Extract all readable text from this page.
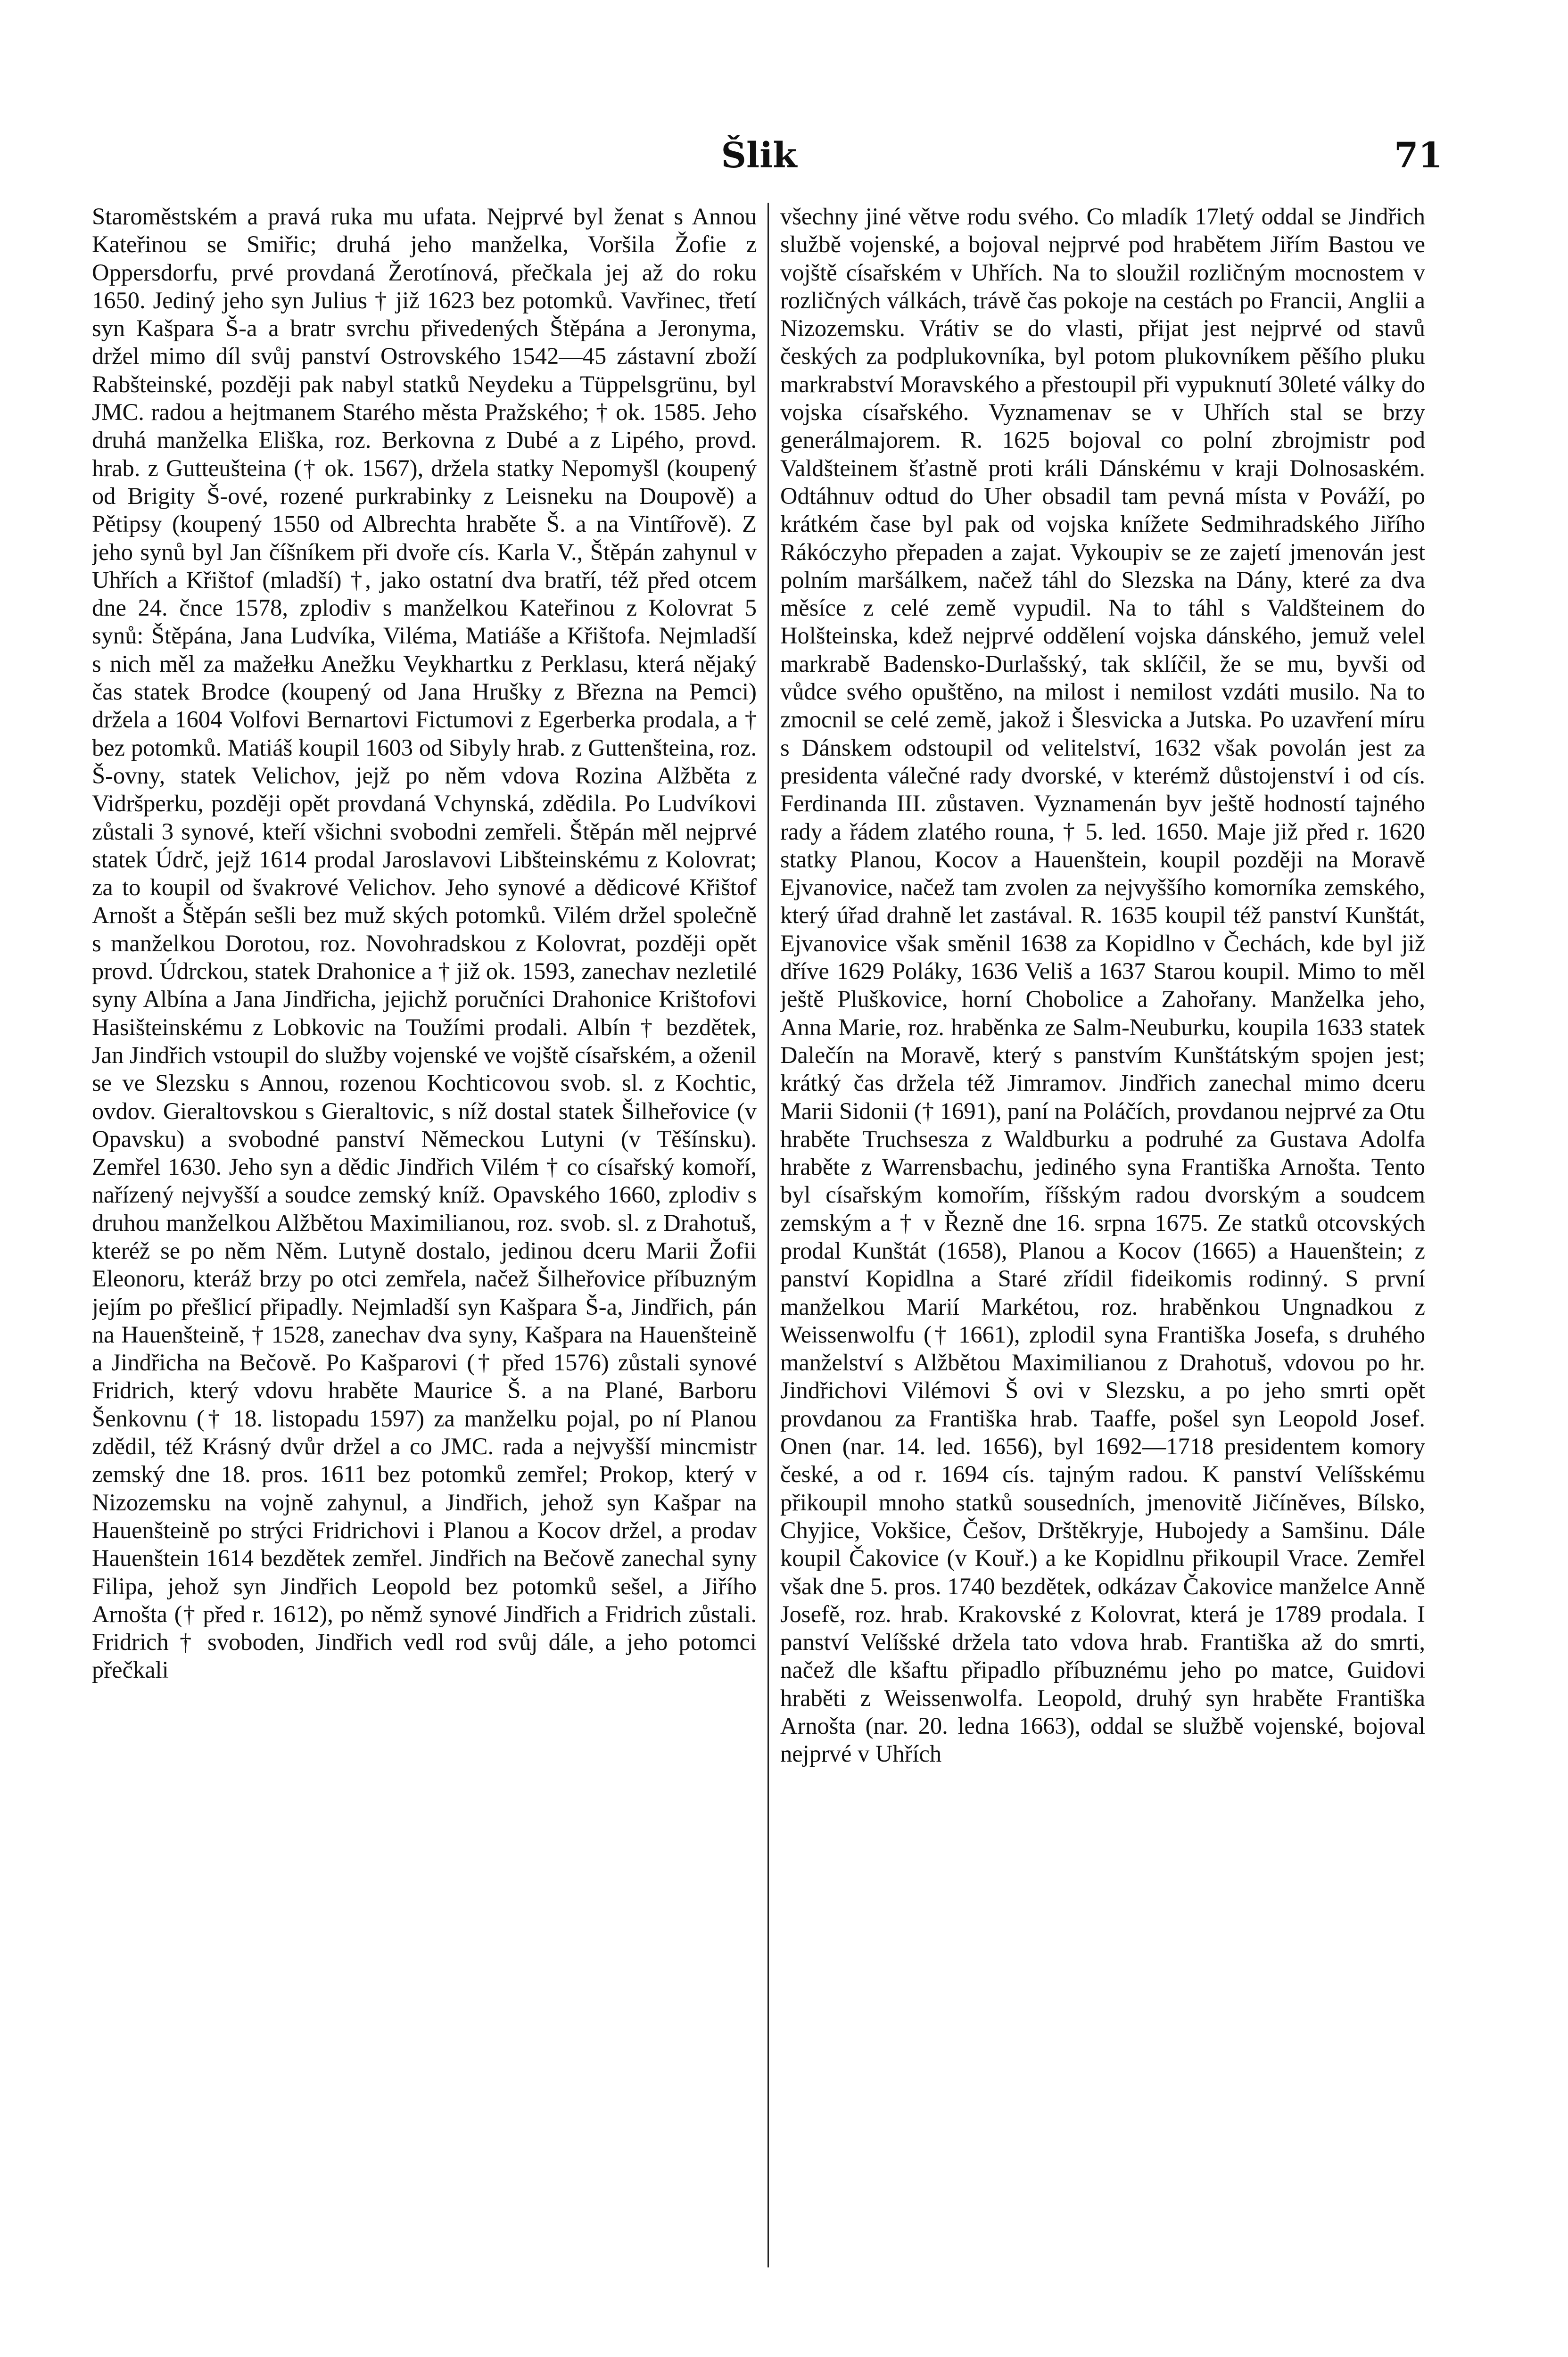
Šlik	71
Staroměstském a pravá ruka mu ufata. Nejprvé byl ženat s Annou Kateřinou se Smiřic; druhá jeho manželka, Voršila Žofie z Oppersdorfu, prvé provdaná Žerotínová, přečkala jej až do roku 1650. Jediný jeho syn Julius † již 1623 bez potomků. Vavřinec, třetí syn Kašpara Š-a a bratr svrchu přivedených Štěpána a Jeronyma, držel mimo díl svůj panství Ostrovského 1542—45 zástavní zboží Rabšteinské, později pak nabyl statků Neydeku a Tüppelsgrünu, byl JMC. radou a hejtmanem Starého města Pražského; † ok. 1585. Jeho druhá manželka Eliška, roz. Berkovna z Dubé a z Lipého, provd. hrab. z Gutteušteina († ok. 1567), držela statky Nepomyšl (koupený od Brigity Š-ové, rozené purkrabinky z Leisneku na Doupově) a Pětipsy (koupený 1550 od Albrechta hraběte Š. a na Vintířově). Z jeho synů byl Jan číšníkem při dvoře cís. Karla V., Štěpán zahynul v Uhřích a Křištof (mladší) †, jako ostatní dva bratří, též před otcem dne 24. čnce 1578, zplodiv s manželkou Kateřinou z Kolovrat 5 synů: Štěpána, Jana Ludvíka, Viléma, Matiáše a Křištofa. Nejmladší s nich měl za mažełku Anežku Veykhartku z Perklasu, která nějaký čas statek Brodce (koupený od Jana Hrušky z Března na Pemci) držela a 1604 Volfovi Bernartovi Fictumovi z Egerberka prodala, a † bez potomků. Matiáš koupil 1603 od Sibyly hrab. z Guttenšteina, roz. Š-ovny, statek Velichov, jejž po něm vdova Rozina Alžběta z Vidršperku, později opět provdaná Vchynská, zdědila. Po Ludvíkovi zůstali 3 synové, kteří všichni svobodni zemřeli. Štěpán měl nejprvé statek Údrč, jejž 1614 prodal Jaroslavovi Libšteinskému z Kolovrat; za to koupil od švakrové Velichov. Jeho synové a dědicové Křištof Arnošt a Štěpán sešli bez muž ských potomků. Vilém držel společně s manželkou Dorotou, roz. Novohradskou z Kolovrat, později opět provd. Údrckou, statek Drahonice a † již ok. 1593, zanechav nezletilé syny Albína a Jana Jindřicha, jejichž poručníci Drahonice Krištofovi Hasišteinskému z Lobkovic na Toužími prodali. Albín † bezdětek, Jan Jindřich vstoupil do služby vojenské ve vojště císařském, a oženil se ve Slezsku s Annou, rozenou Kochticovou svob. sl. z Kochtic, ovdov. Gieraltovskou s Gieraltovic, s níž dostal statek Šilheřovice (v Opavsku) a svobodné panství Německou Lutyni (v Těšínsku). Zemřel 1630. Jeho syn a dědic Jindřich Vilém † co císařský komoří, nařízený nejvyšší a soudce zemský kníž. Opavského 1660, zplodiv s druhou manželkou Alžbětou Maximilianou, roz. svob. sl. z Drahotuš, kteréž se po něm Něm. Lutyně dostalo, jedinou dceru Marii Žofii Eleonoru, kteráž brzy po otci zemřela, načež Šilheřovice příbuzným jejím po přešlicí připadly. Nejmladší syn Kašpara Š-a, Jindřich, pán na Hauenšteině, † 1528, zanechav dva syny, Kašpara na Hauenšteině a Jindřicha na Bečově. Po Kašparovi († před 1576) zůstali synové Fridrich, který vdovu hraběte Maurice Š. a na Plané, Barboru Šenkovnu († 18. listopadu 1597) za manželku pojal, po ní Planou zdědil, též Krásný dvůr držel a co JMC. rada a nejvyšší mincmistr zemský dne 18. pros. 1611 bez potomků zemřel; Prokop, který v Nizozemsku na vojně zahynul, a Jindřich, jehož syn Kašpar na Hauenšteině po strýci Fridrichovi i Planou a Kocov držel, a prodav Hauenštein 1614 bezdětek zemřel. Jindřich na Bečově zanechal syny Filipa, jehož syn Jindřich Leopold bez potomků sešel, a Jiřího Arnošta († před r. 1612), po němž synové Jindřich a Fridrich zůstali. Fridrich † svoboden, Jindřich vedl rod svůj dále, a jeho potomci přečkali
všechny jiné větve rodu svého. Co mladík 17letý oddal se Jindřich službě vojenské, a bojoval nejprvé pod hrabětem Jiřím Bastou ve vojště císařském v Uhřích. Na to sloužil rozličným mocnostem v rozličných válkách, trávě čas pokoje na cestách po Francii, Anglii a Nizozemsku. Vrátiv se do vlasti, přijat jest nejprvé od stavů českých za podplukovníka, byl potom plukovníkem pěšího pluku markrabství Moravského a přestoupil při vypuknutí 30leté války do vojska císařského. Vyznamenav se v Uhřích stal se brzy generálmajorem. R. 1625 bojoval co polní zbrojmistr pod Valdšteinem šťastně proti králi Dánskému v kraji Dolnosaském. Odtáhnuv odtud do Uher obsadil tam pevná místa v Pováží, po krátkém čase byl pak od vojska knížete Sedmihradského Jiřího Rákóczyho přepaden a zajat. Vykoupiv se ze zajetí jmenován jest polním maršálkem, načež táhl do Slezska na Dány, které za dva měsíce z celé země vypudil. Na to táhl s Valdšteinem do Holšteinska, kdež nejprvé oddělení vojska dánského, jemuž velel markrabě Badensko-Durlašský, tak sklíčil, že se mu, byvši od vůdce svého opuštěno, na milost i nemilost vzdáti musilo. Na to zmocnil se celé země, jakož i Šlesvicka a Jutska. Po uzavření míru s Dánskem odstoupil od velitelství, 1632 však povolán jest za presidenta válečné rady dvorské, v kterémž důstojenství i od cís. Ferdinanda III. zůstaven. Vyznamenán byv ještě hodností tajného rady a řádem zlatého rouna, † 5. led. 1650. Maje již před r. 1620 statky Planou, Kocov a Hauenštein, koupil později na Moravě Ejvanovice, načež tam zvolen za nejvyššího komorníka zemského, který úřad drahně let zastával. R. 1635 koupil též panství Kunštát, Ejvanovice však směnil 1638 za Kopidlno v Čechách, kde byl již dříve 1629 Poláky, 1636 Veliš a 1637 Starou koupil. Mimo to měl ještě Pluškovice, horní Chobolice a Zahořany. Manželka jeho, Anna Marie, roz. hraběnka ze Salm-Neuburku, koupila 1633 statek Dalečín na Moravě, který s panstvím Kunštátským spojen jest; krátký čas držela též Jimramov. Jindřich zanechal mimo dceru Marii Sidonii († 1691), paní na Poláčích, provdanou nejprvé za Otu hraběte Truchsesza z Waldburku a podruhé za Gustava Adolfa hraběte z Warrensbachu, jediného syna Františka Arnošta. Tento byl císařským komořím, říšským radou dvorským a soudcem zemským a † v Řezně dne 16. srpna 1675. Ze statků otcovských prodal Kunštát (1658), Planou a Kocov (1665) a Hauenštein; z panství Kopidlna a Staré zřídil fideikomis rodinný. S první manželkou Marií Markétou, roz. hraběnkou Ungnadkou z Weissenwolfu († 1661), zplodil syna Františka Josefa, s druhého manželství s Alžbětou Maximilianou z Drahotuš, vdovou po hr. Jindřichovi Vilémovi Š ovi v Slezsku, a po jeho smrti opět provdanou za Františka hrab. Taaffe, pošel syn Leopold Josef. Onen (nar. 14. led. 1656), byl 1692—1718 presidentem komory české, a od r. 1694 cís. tajným radou. K panství Velíšskému přikoupil mnoho statků sousedních, jmenovitě Jičíněves, Bílsko, Chyjice, Vokšice, Češov, Drštěkryje, Hubojedy a Samšinu. Dále koupil Čakovice (v Kouř.) a ke Kopidlnu přikoupil Vrace. Zemřel však dne 5. pros. 1740 bezdětek, odkázav Čakovice manželce Anně Josefě, roz. hrab. Krakovské z Kolovrat, která je 1789 prodala. I panství Velíšské držela tato vdova hrab. Františka až do smrti, načež dle kšaftu připadlo příbuznému jeho po matce, Guidovi hraběti z Weissenwolfa. Leopold, druhý syn hraběte Františka Arnošta (nar. 20. ledna 1663), oddal se službě vojenské, bojoval nejprvé v Uhřích
